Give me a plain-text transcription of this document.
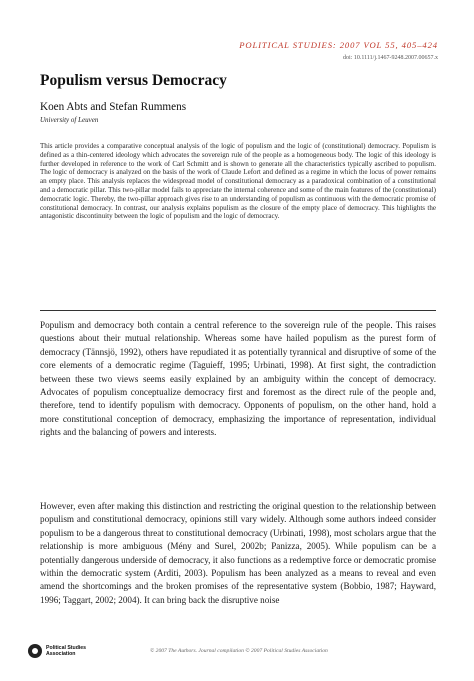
POLITICAL STUDIES: 2007 VOL 55, 405–424
doi: 10.1111/j.1467-9248.2007.00657.x
Populism versus Democracy
Koen Abts and Stefan Rummens
University of Leuven

This article provides a comparative conceptual analysis of the logic of populism and the logic of (constitutional) democracy. Populism is defined as a thin-centered ideology which advocates the sovereign rule of the people as a homogeneous body. The logic of this ideology is further developed in reference to the work of Carl Schmitt and is shown to generate all the characteristics typically ascribed to populism. The logic of democracy is analyzed on the basis of the work of Claude Lefort and defined as a regime in which the locus of power remains an empty place. This analysis replaces the widespread model of constitutional democracy as a paradoxical combination of a constitutional and a democratic pillar. This two-pillar model fails to appreciate the internal coherence and some of the main features of the (constitutional) democratic logic. Thereby, the two-pillar approach gives rise to an understanding of populism as continuous with the democratic promise of constitutional democracy. In contrast, our analysis explains populism as the closure of the empty place of democracy. This highlights the antagonistic discontinuity between the logic of populism and the logic of democracy.

Populism and democracy both contain a central reference to the sovereign rule of the people. This raises questions about their mutual relationship. Whereas some have hailed populism as the purest form of democracy (Tännsjö, 1992), others have repudiated it as potentially tyrannical and disruptive of some of the core elements of a democratic regime (Taguieff, 1995; Urbinati, 1998). At first sight, the contradiction between these two views seems easily explained by an ambiguity within the concept of democracy. Advocates of populism conceptualize democracy first and foremost as the direct rule of the people and, therefore, tend to identify populism with democracy. Opponents of populism, on the other hand, hold a more constitutional conception of democracy, emphasizing the importance of representation, individual rights and the balancing of powers and interests.

However, even after making this distinction and restricting the original question to the relationship between populism and constitutional democracy, opinions still vary widely. Although some authors indeed consider populism to be a dangerous threat to constitutional democracy (Urbinati, 1998), most scholars argue that the relationship is more ambiguous (Mény and Surel, 2002b; Panizza, 2005). While populism can be a potentially dangerous underside of democracy, it also functions as a redemptive force or democratic promise within the democratic system (Arditi, 2003). Populism has been analyzed as a means to reveal and even amend the shortcomings and the broken promises of the representative system (Bobbio, 1987; Hayward, 1996; Taggart, 2002; 2004). It can bring back the disruptive noise

Political Studies
Association	© 2007 The Authors. Journal compilation © 2007 Political Studies Association
